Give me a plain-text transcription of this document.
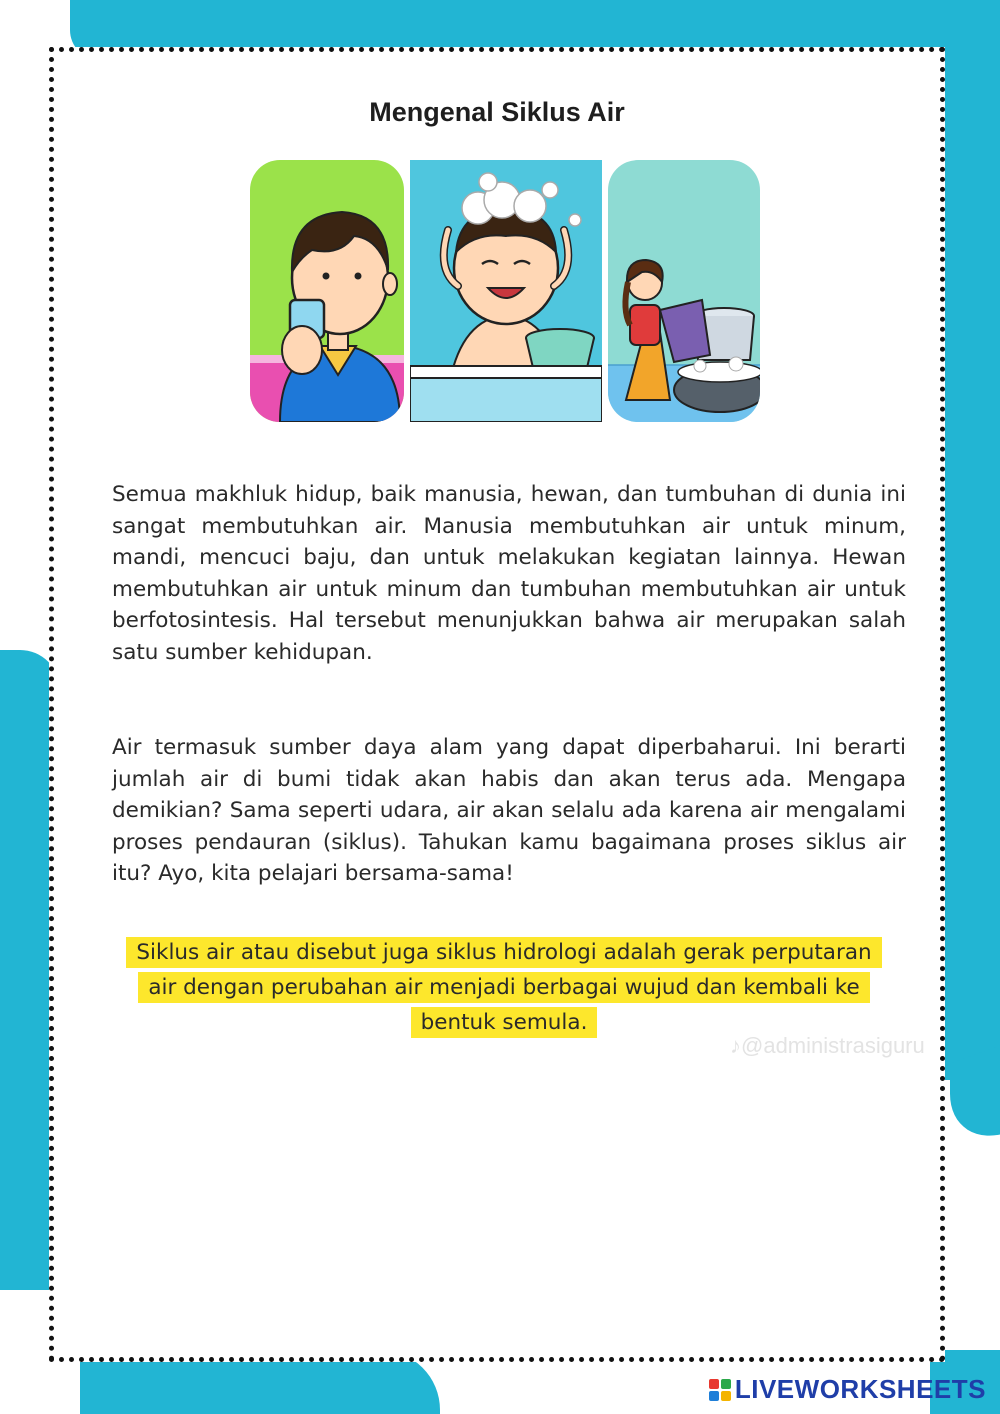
Mengenal Siklus Air

Semua makhluk hidup, baik manusia, hewan, dan tumbuhan di dunia ini sangat membutuhkan air. Manusia membutuhkan air untuk minum, mandi, mencuci baju, dan untuk melakukan kegiatan lainnya. Hewan membutuhkan air untuk minum dan tumbuhan membutuhkan air untuk berfotosintesis. Hal tersebut menunjukkan bahwa air merupakan salah satu sumber kehidupan.

Air termasuk sumber daya alam yang dapat diperbaharui. Ini berarti jumlah air di bumi tidak akan habis dan akan terus ada. Mengapa demikian? Sama seperti udara, air akan selalu ada karena air mengalami proses pendauran (siklus). Tahukan kamu bagaimana proses siklus air itu? Ayo, kita pelajari bersama-sama!

Siklus air atau disebut juga siklus hidrologi adalah gerak perputaran air dengan perubahan air menjadi berbagai wujud dan kembali ke bentuk semula.
♪@administrasiguru
LIVEWORKSHEETS
